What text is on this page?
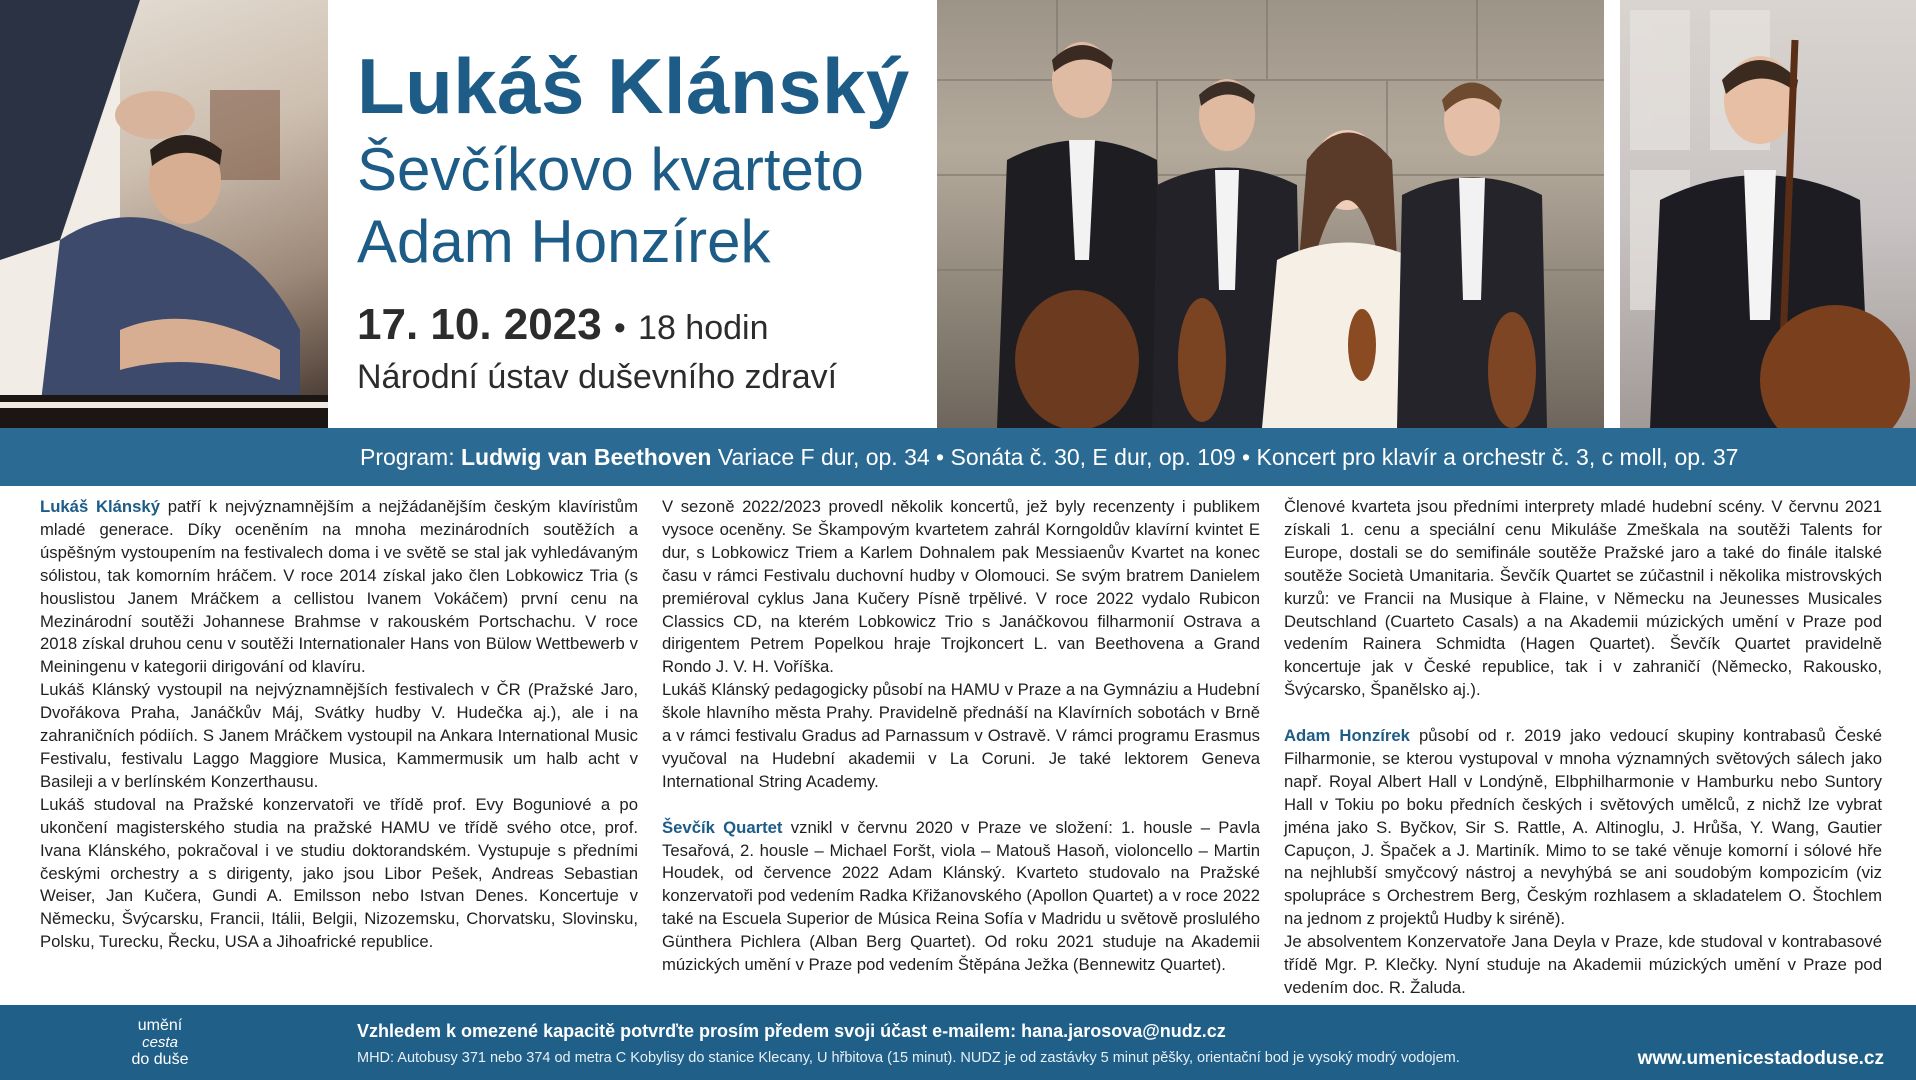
Lukáš Klánský
Ševčíkovo kvarteto
Adam Honzírek
17. 10. 2023 • 18 hodin
Národní ústav duševního zdraví
Program: Ludwig van Beethoven Variace F dur, op. 34 • Sonáta č. 30, E dur, op. 109 • Koncert pro klavír a orchestr č. 3, c moll, op. 37

Lukáš Klánský patří k nejvýznamnějším a nejžádanějším českým klavíristům mladé generace. Díky oceněním na mnoha mezinárodních soutěžích a úspěšným vystoupením na festivalech doma i ve světě se stal jak vyhledávaným sólistou, tak komorním hráčem. V roce 2014 získal jako člen Lobkowicz Tria (s houslistou Janem Mráčkem a cellistou Ivanem Vokáčem) první cenu na Mezinárodní soutěži Johannese Brahmse v rakouském Portschachu. V roce 2018 získal druhou cenu v soutěži Internationaler Hans von Bülow Wettbewerb v Meiningenu v kategorii dirigování od klavíru.

Lukáš Klánský vystoupil na nejvýznamnějších festivalech v ČR (Pražské Jaro, Dvořákova Praha, Janáčkův Máj, Svátky hudby V. Hudečka aj.), ale i na zahraničních pódiích. S Janem Mráčkem vystoupil na Ankara International Music Festivalu, festivalu Laggo Maggiore Musica, Kammermusik um halb acht v Basileji a v berlínském Konzerthausu.

Lukáš studoval na Pražské konzervatoři ve třídě prof. Evy Boguniové a po ukončení magisterského studia na pražské HAMU ve třídě svého otce, prof. Ivana Klánského, pokračoval i ve studiu doktorandském. Vystupuje s předními českými orchestry a s dirigenty, jako jsou Libor Pešek, Andreas Sebastian Weiser, Jan Kučera, Gundi A. Emilsson nebo Istvan Denes. Koncertuje v Německu, Švýcarsku, Francii, Itálii, Belgii, Nizozemsku, Chorvatsku, Slovinsku, Polsku, Turecku, Řecku, USA a Jihoafrické republice.

V sezoně 2022/2023 provedl několik koncertů, jež byly recenzenty i publikem vysoce oceněny. Se Škampovým kvartetem zahrál Korngoldův klavírní kvintet E dur, s Lobkowicz Triem a Karlem Dohnalem pak Messiaenův Kvartet na konec času v rámci Festivalu duchovní hudby v Olomouci. Se svým bratrem Danielem premiéroval cyklus Jana Kučery Písně trpělivé. V roce 2022 vydalo Rubicon Classics CD, na kterém Lobkowicz Trio s Janáčkovou filharmonií Ostrava a dirigentem Petrem Popelkou hraje Trojkoncert L. van Beethovena a Grand Rondo J. V. H. Voříška.

Lukáš Klánský pedagogicky působí na HAMU v Praze a na Gymnáziu a Hudební škole hlavního města Prahy. Pravidelně přednáší na Klavírních sobotách v Brně a v rámci festivalu Gradus ad Parnassum v Ostravě. V rámci programu Erasmus vyučoval na Hudební akademii v La Coruni. Je také lektorem Geneva International String Academy.

Ševčík Quartet vznikl v červnu 2020 v Praze ve složení: 1. housle – Pavla Tesařová, 2. housle – Michael Foršt, viola – Matouš Hasoň, violoncello – Martin Houdek, od července 2022 Adam Klánský. Kvarteto studovalo na Pražské konzervatoři pod vedením Radka Křižanovského (Apollon Quartet) a v roce 2022 také na Escuela Superior de Música Reina Sofía v Madridu u světově proslulého Günthera Pichlera (Alban Berg Quartet). Od roku 2021 studuje na Akademii múzických umění v Praze pod vedením Štěpána Ježka (Bennewitz Quartet).

Členové kvarteta jsou předními interprety mladé hudební scény. V červnu 2021 získali 1. cenu a speciální cenu Mikuláše Zmeškala na soutěži Talents for Europe, dostali se do semifinále soutěže Pražské jaro a také do finále italské soutěže Società Umanitaria. Ševčík Quartet se zúčastnil i několika mistrovských kurzů: ve Francii na Musique à Flaine, v Německu na Jeunesses Musicales Deutschland (Cuarteto Casals) a na Akademii múzických umění v Praze pod vedením Rainera Schmidta (Hagen Quartet). Ševčík Quartet pravidelně koncertuje jak v České republice, tak i v zahraničí (Německo, Rakousko, Švýcarsko, Španělsko aj.).

Adam Honzírek působí od r. 2019 jako vedoucí skupiny kontrabasů České Filharmonie, se kterou vystupoval v mnoha významných světových sálech jako např. Royal Albert Hall v Londýně, Elbphilharmonie v Hamburku nebo Suntory Hall v Tokiu po boku předních českých i světových umělců, z nichž lze vybrat jména jako S. Byčkov, Sir S. Rattle, A. Altinoglu, J. Hrůša, Y. Wang, Gautier Capuçon, J. Špaček a J. Martiník. Mimo to se také věnuje komorní i sólové hře na nejhlubší smyčcový nástroj a nevyhýbá se ani soudobým kompozicím (viz spolupráce s Orchestrem Berg, Českým rozhlasem a skladatelem O. Štochlem na jednom z projektů Hudby k siréně).

Je absolventem Konzervatoře Jana Deyla v Praze, kde studoval v kontrabasové třídě Mgr. P. Klečky. Nyní studuje na Akademii múzických umění v Praze pod vedením doc. R. Žaluda.

umění
cesta
do duše
Vzhledem k omezené kapacitě potvrďte prosím předem svoji účast e-mailem: hana.jarosova@nudz.cz
MHD: Autobusy 371 nebo 374 od metra C Kobylisy do stanice Klecany, U hřbitova (15 minut). NUDZ je od zastávky 5 minut pěšky, orientační bod je vysoký modrý vodojem.	www.umenicestadoduse.cz
